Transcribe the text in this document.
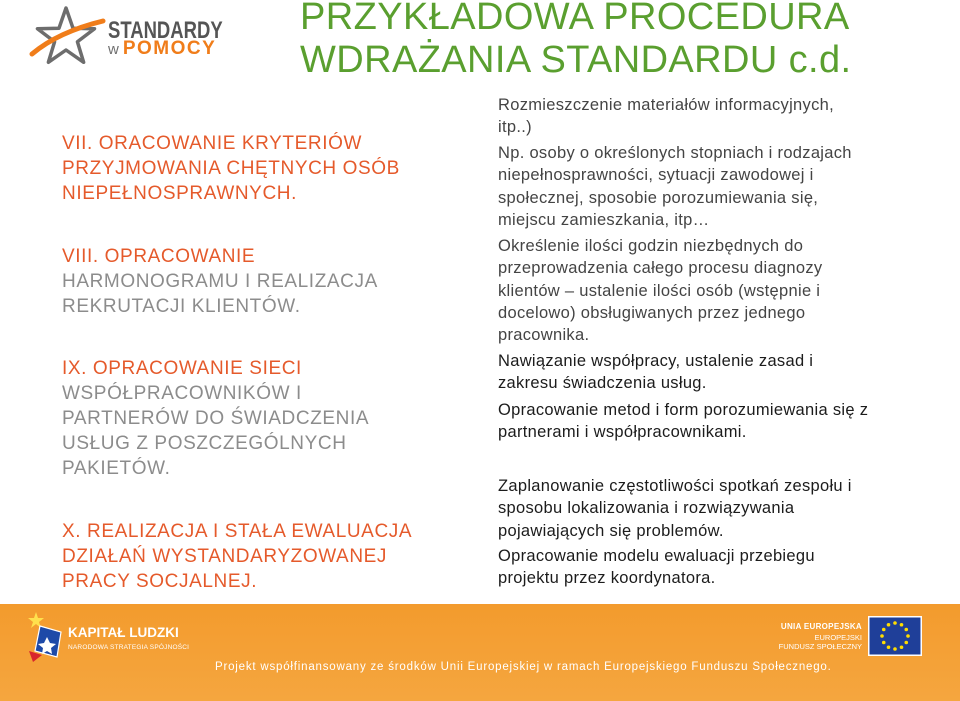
STANDARDY
w POMOCY
PRZYKŁADOWA PROCEDURA
WDRAŻANIA STANDARDU c.d.
VII. ORACOWANIE KRYTERIÓW
PRZYJMOWANIA CHĘTNYCH OSÓB
NIEPEŁNOSPRAWNYCH.
VIII. OPRACOWANIE
HARMONOGRAMU I REALIZACJA
REKRUTACJI KLIENTÓW.
IX. OPRACOWANIE SIECI
WSPÓŁPRACOWNIKÓW I
PARTNERÓW DO ŚWIADCZENIA
USŁUG Z POSZCZEGÓLNYCH
PAKIETÓW.
X. REALIZACJA I STAŁA EWALUACJA
DZIAŁAŃ WYSTANDARYZOWANEJ
PRACY SOCJALNEJ.
Rozmieszczenie materiałów informacyjnych,
itp..)
Np. osoby o określonych stopniach i rodzajach
niepełnosprawności, sytuacji zawodowej i
społecznej, sposobie porozumiewania się,
miejscu zamieszkania, itp…
Określenie ilości godzin niezbędnych do
przeprowadzenia całego procesu diagnozy
klientów – ustalenie ilości osób (wstępnie i
docelowo) obsługiwanych przez jednego
pracownika.
Nawiązanie współpracy, ustalenie zasad i
zakresu świadczenia usług.
Opracowanie metod i form porozumiewania się z
partnerami i współpracownikami.
Zaplanowanie częstotliwości spotkań zespołu i
sposobu lokalizowania i rozwiązywania
pojawiających się problemów.
Opracowanie modelu ewaluacji przebiegu
projektu przez koordynatora.
KAPITAŁ LUDZKI
NARODOWA STRATEGIA SPÓJNOŚCI
UNIA EUROPEJSKA
EUROPEJSKI
FUNDUSZ SPOŁECZNY
Projekt współfinansowany ze środków Unii Europejskiej w ramach Europejskiego Funduszu Społecznego.
